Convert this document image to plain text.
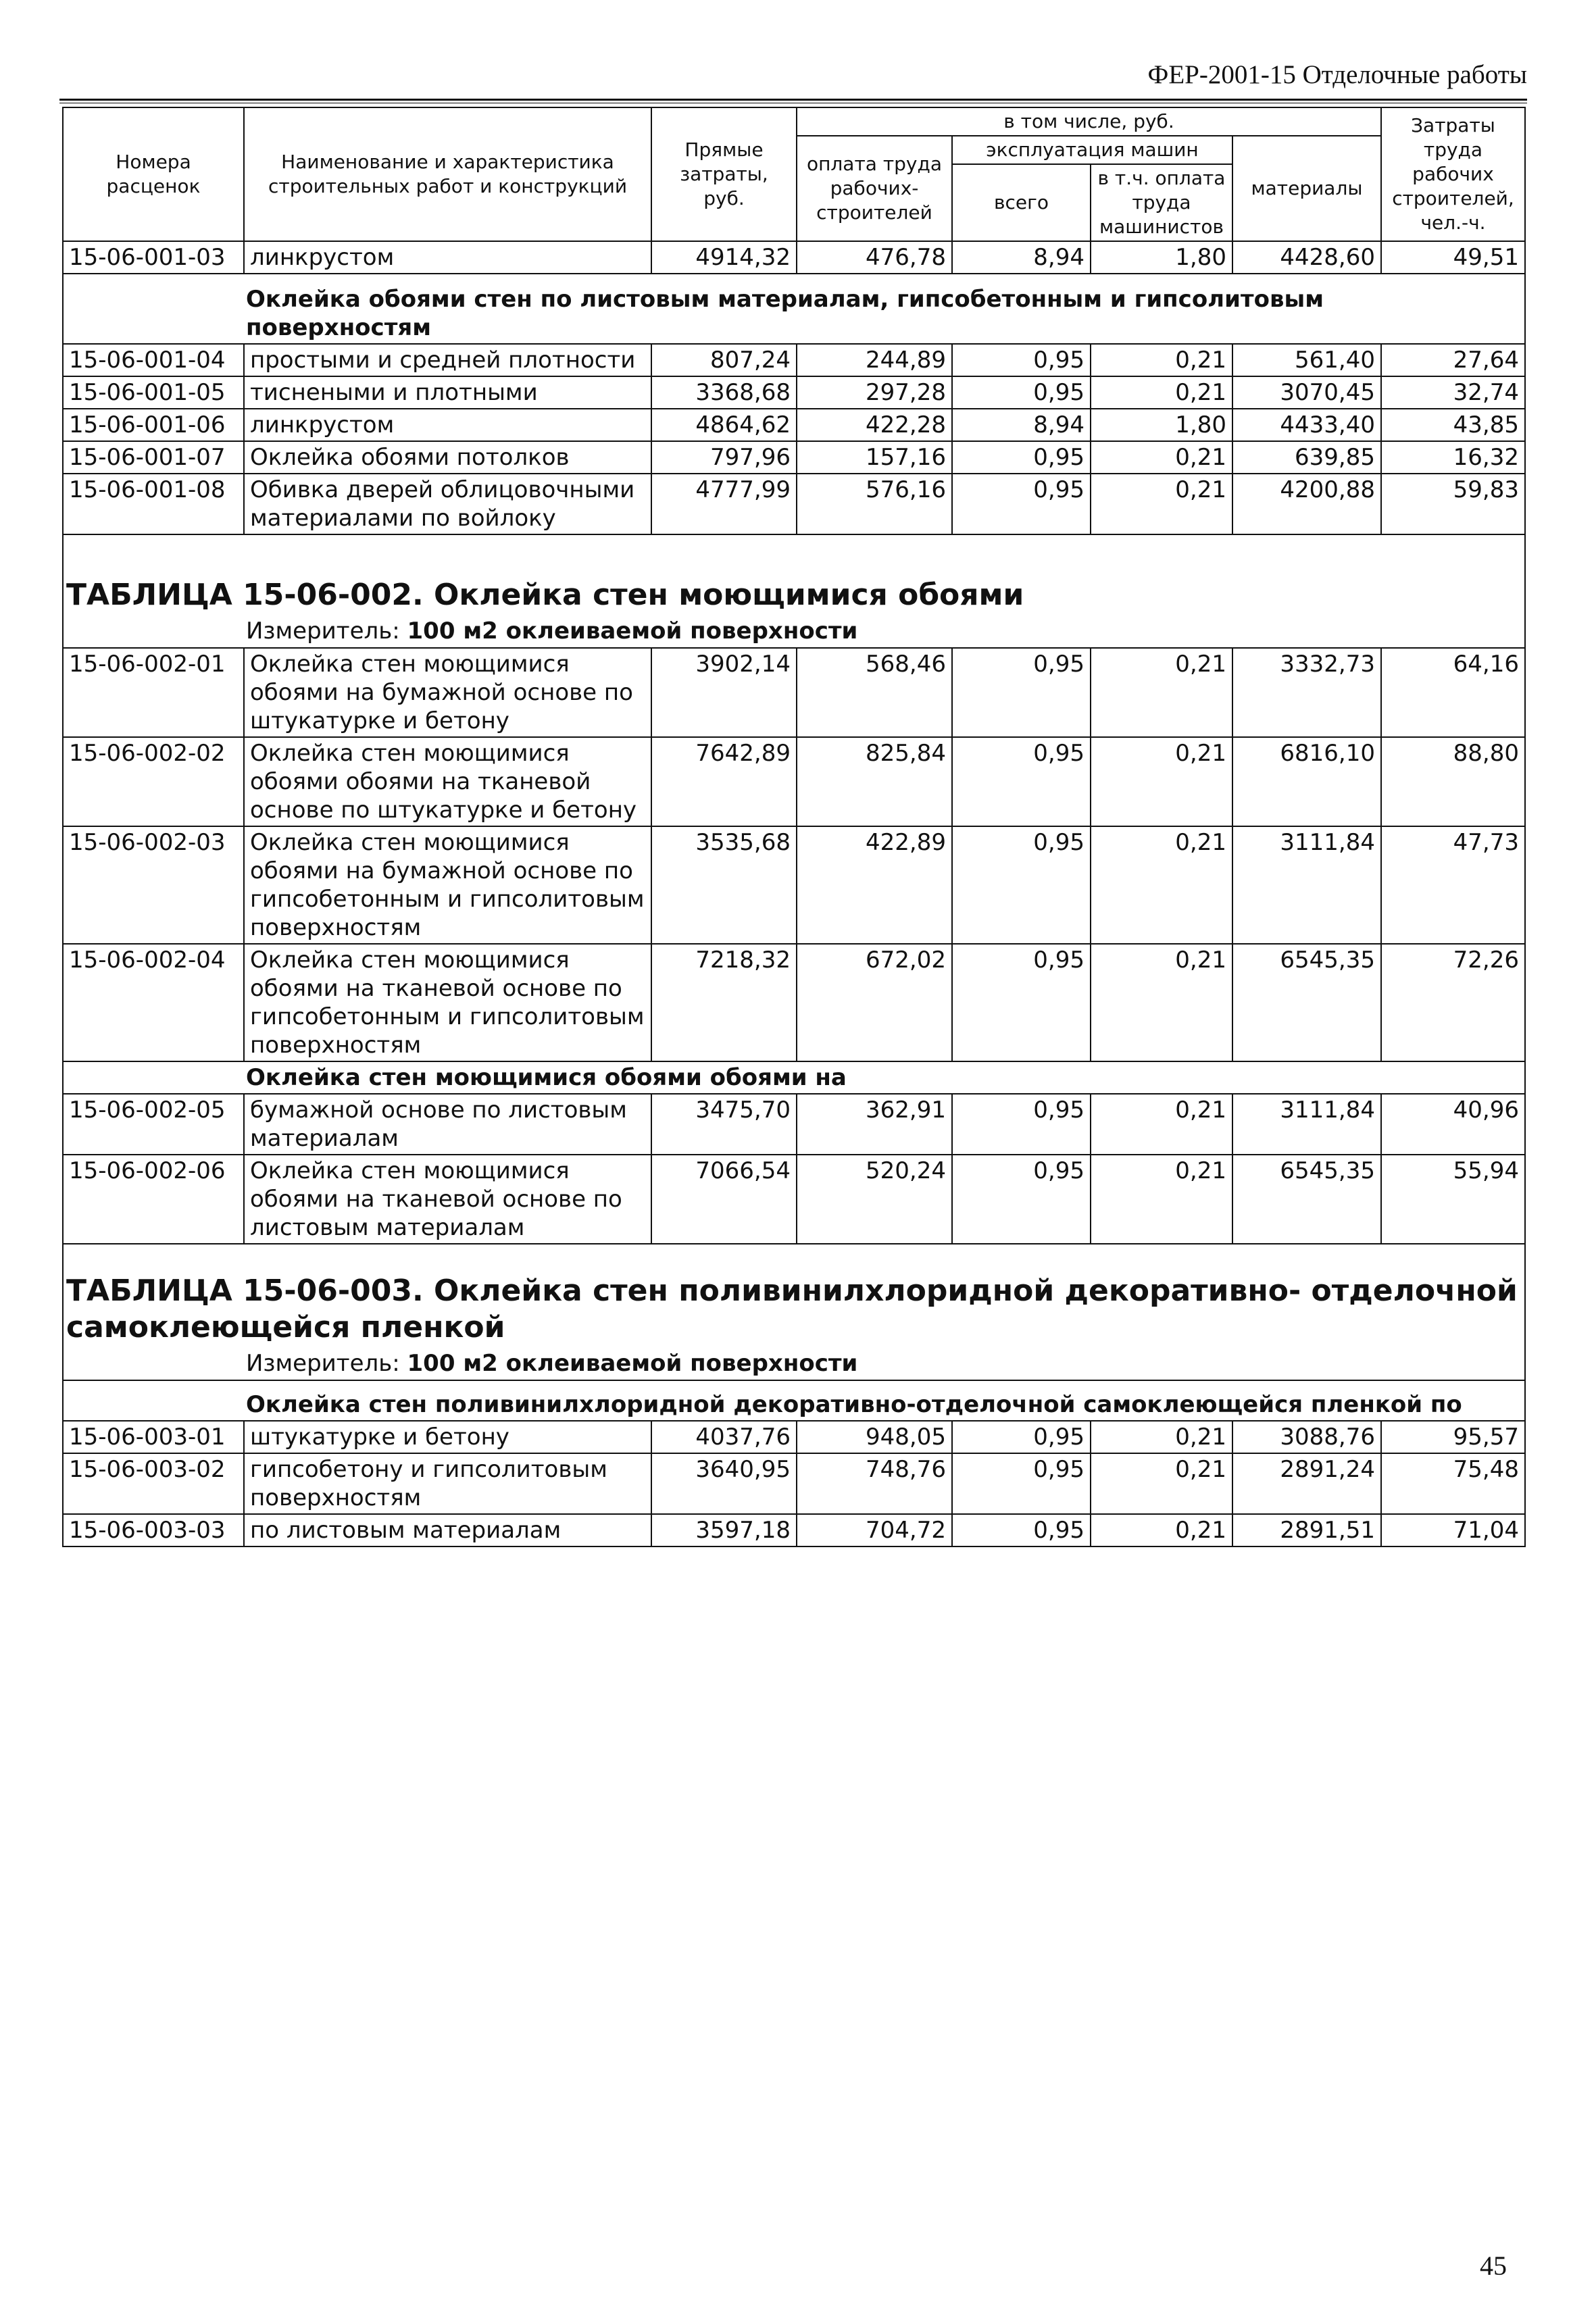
ФЕР-2001-15 Отделочные работы
Номера расценок	Наименование и характеристика строительных работ и конструкций	Прямые затраты, руб.	в том числе, руб.				Затраты труда рабочих строителей, чел.-ч.
			оплата труда рабочих-строителей	эксплуатация машин		материалы	
				всего	в т.ч. оплата труда машинистов		

15-06-001-03	линкрустом	4914,32	476,78	8,94	1,80	4428,60	49,51
Оклейка обоями стен по листовым материалам, гипсобетонным и гипсолитовым поверхностям							
15-06-001-04	простыми и средней плотности	807,24	244,89	0,95	0,21	561,40	27,64
15-06-001-05	тиснеными и плотными	3368,68	297,28	0,95	0,21	3070,45	32,74
15-06-001-06	линкрустом	4864,62	422,28	8,94	1,80	4433,40	43,85
15-06-001-07	Оклейка обоями потолков	797,96	157,16	0,95	0,21	639,85	16,32
15-06-001-08	Обивка дверей облицовочными материалами по войлоку	4777,99	576,16	0,95	0,21	4200,88	59,83

ТАБЛИЦА 15-06-002. Оклейка стен моющимися обоями							
Измеритель: 100 м2 оклеиваемой поверхности							
15-06-002-01	Оклейка стен моющимися обоями на бумажной основе по штукатурке и бетону	3902,14	568,46	0,95	0,21	3332,73	64,16
15-06-002-02	Оклейка стен моющимися обоями обоями на тканевой основе по штукатурке и бетону	7642,89	825,84	0,95	0,21	6816,10	88,80
15-06-002-03	Оклейка стен моющимися обоями на бумажной основе по гипсобетонным и гипсолитовым поверхностям	3535,68	422,89	0,95	0,21	3111,84	47,73
15-06-002-04	Оклейка стен моющимися обоями на тканевой основе по гипсобетонным и гипсолитовым поверхностям	7218,32	672,02	0,95	0,21	6545,35	72,26
Оклейка стен моющимися обоями обоями на							
15-06-002-05	бумажной основе по листовым материалам	3475,70	362,91	0,95	0,21	3111,84	40,96
15-06-002-06	Оклейка стен моющимися обоями на тканевой основе по листовым материалам	7066,54	520,24	0,95	0,21	6545,35	55,94

ТАБЛИЦА 15-06-003. Оклейка стен поливинилхлоридной декоративно- отделочной самоклеющейся пленкой							
Измеритель: 100 м2 оклеиваемой поверхности							
Оклейка стен поливинилхлоридной декоративно-отделочной самоклеющейся пленкой по							
15-06-003-01	штукатурке и бетону	4037,76	948,05	0,95	0,21	3088,76	95,57
15-06-003-02	гипсобетону и гипсолитовым поверхностям	3640,95	748,76	0,95	0,21	2891,24	75,48
15-06-003-03	по листовым материалам	3597,18	704,72	0,95	0,21	2891,51	71,04
45
